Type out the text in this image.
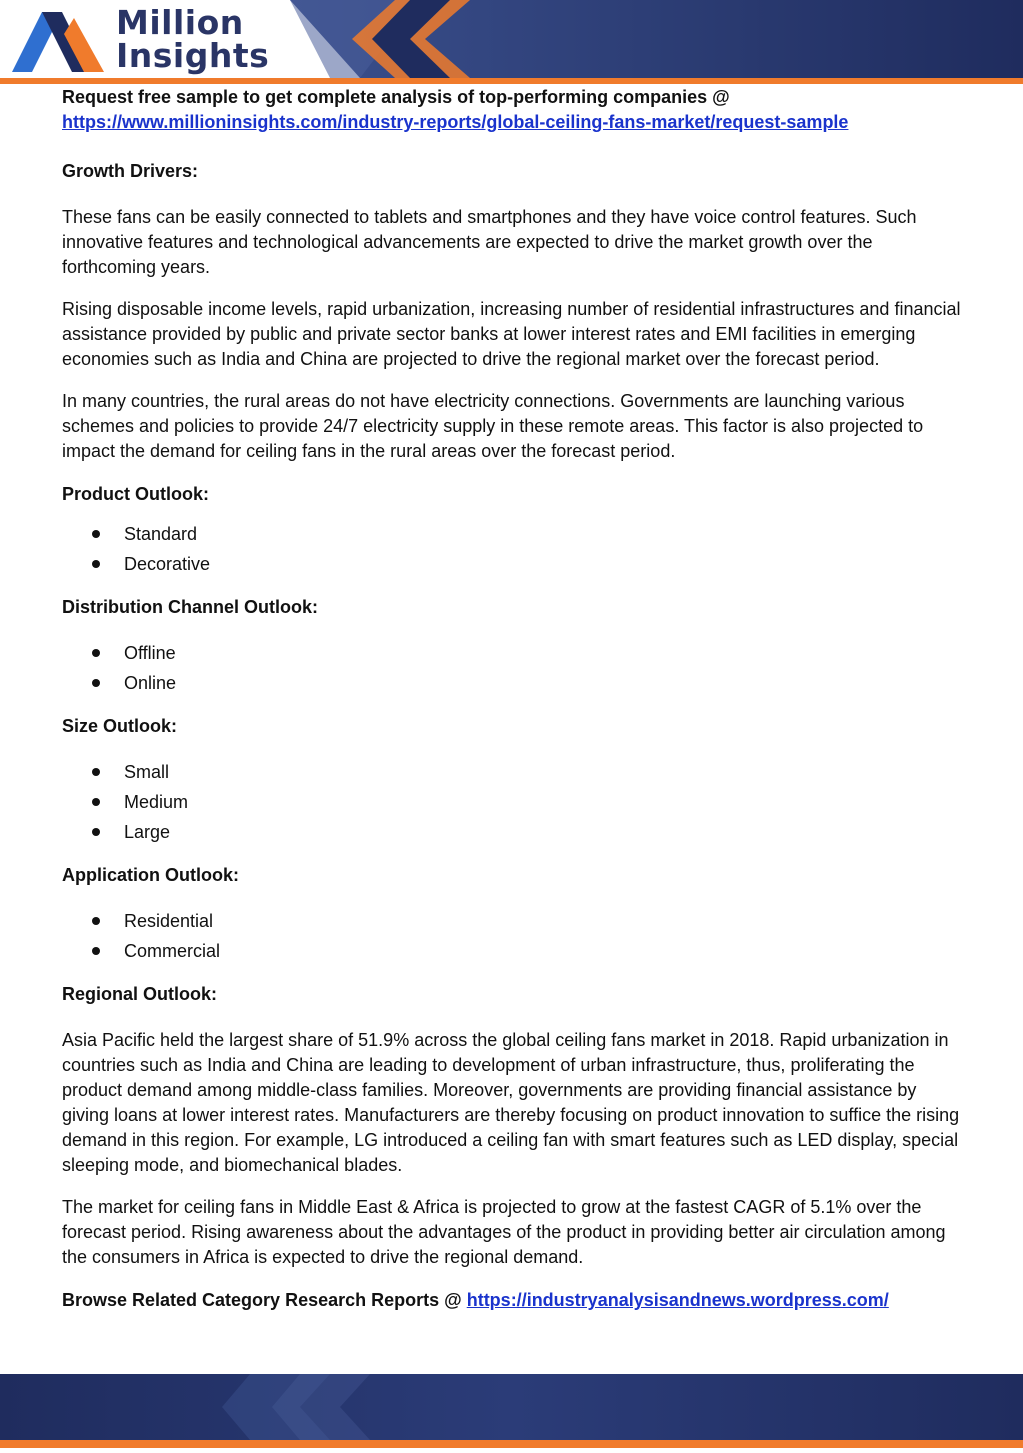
Million
Insights

Request free sample to get complete analysis of top-performing companies @

https://www.millioninsights.com/industry-reports/global-ceiling-fans-market/request-sample

Growth Drivers:

These fans can be easily connected to tablets and smartphones and they have voice control features. Such innovative features and technological advancements are expected to drive the market growth over the forthcoming years.

Rising disposable income levels, rapid urbanization, increasing number of residential infrastructures and financial assistance provided by public and private sector banks at lower interest rates and EMI facilities in emerging economies such as India and China are projected to drive the regional market over the forecast period.

In many countries, the rural areas do not have electricity connections. Governments are launching various schemes and policies to provide 24/7 electricity supply in these remote areas. This factor is also projected to impact the demand for ceiling fans in the rural areas over the forecast period.

Product Outlook:

Standard
Decorative

Distribution Channel Outlook:

Offline
Online

Size Outlook:

Small
Medium
Large

Application Outlook:

Residential
Commercial

Regional Outlook:

Asia Pacific held the largest share of 51.9% across the global ceiling fans market in 2018. Rapid urbanization in countries such as India and China are leading to development of urban infrastructure, thus, proliferating the product demand among middle-class families. Moreover, governments are providing financial assistance by giving loans at lower interest rates. Manufacturers are thereby focusing on product innovation to suffice the rising demand in this region. For example, LG introduced a ceiling fan with smart features such as LED display, special sleeping mode, and biomechanical blades.

The market for ceiling fans in Middle East & Africa is projected to grow at the fastest CAGR of 5.1% over the forecast period. Rising awareness about the advantages of the product in providing better air circulation among the consumers in Africa is expected to drive the regional demand.

Browse Related Category Research Reports @ https://industryanalysisandnews.wordpress.com/
